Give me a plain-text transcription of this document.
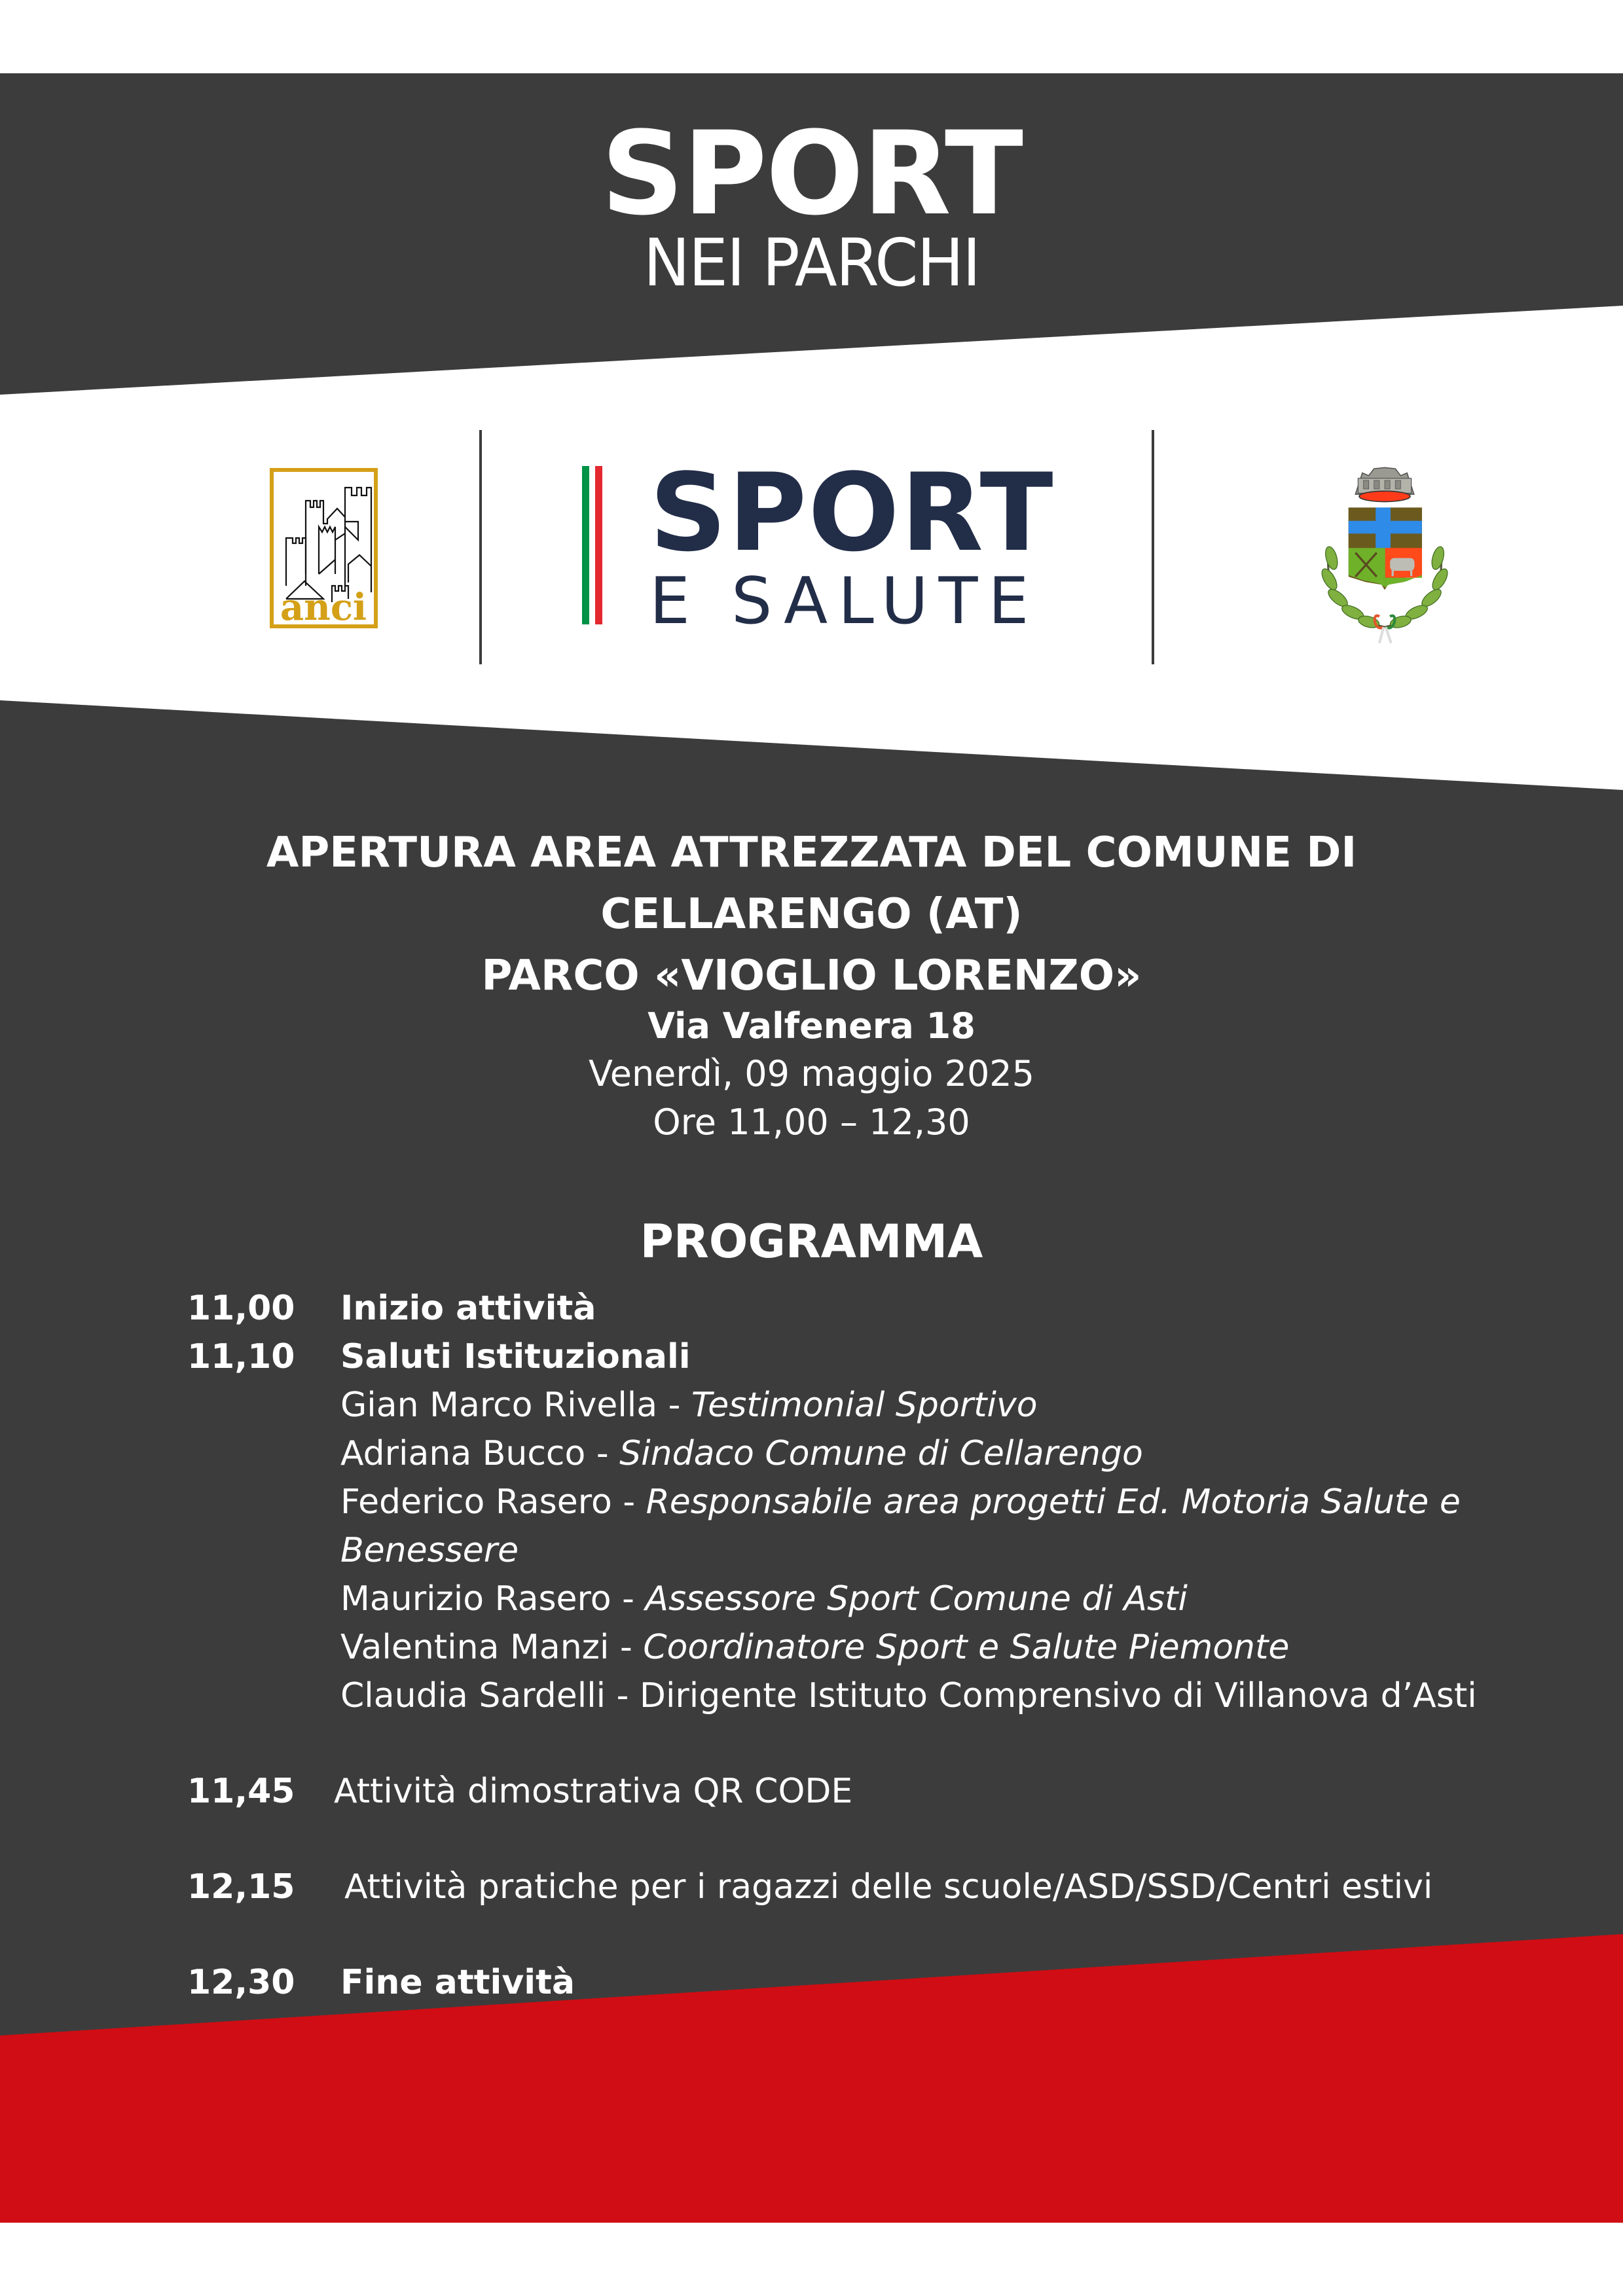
SPORT
NEI PARCHI
anci
SPORT
E SALUTE
APERTURA AREA ATTREZZATA DEL COMUNE DI
CELLARENGO (AT)
PARCO «VIOGLIO LORENZO»
Via Valfenera 18
Venerdì, 09 maggio 2025
Ore 11,00 – 12,30
PROGRAMMA
11,00 Inizio attività
11,10 Saluti Istituzionali
Gian Marco Rivella - Testimonial Sportivo
Adriana Bucco - Sindaco Comune di Cellarengo
Federico Rasero - Responsabile area progetti Ed. Motoria Salute e
Benessere
Maurizio Rasero - Assessore Sport Comune di Asti
Valentina Manzi - Coordinatore Sport e Salute Piemonte
Claudia Sardelli - Dirigente Istituto Comprensivo di Villanova d’Asti
11,45 Attività dimostrativa QR CODE
12,15 Attività pratiche per i ragazzi delle scuole/ASD/SSD/Centri estivi
12,30 Fine attività
